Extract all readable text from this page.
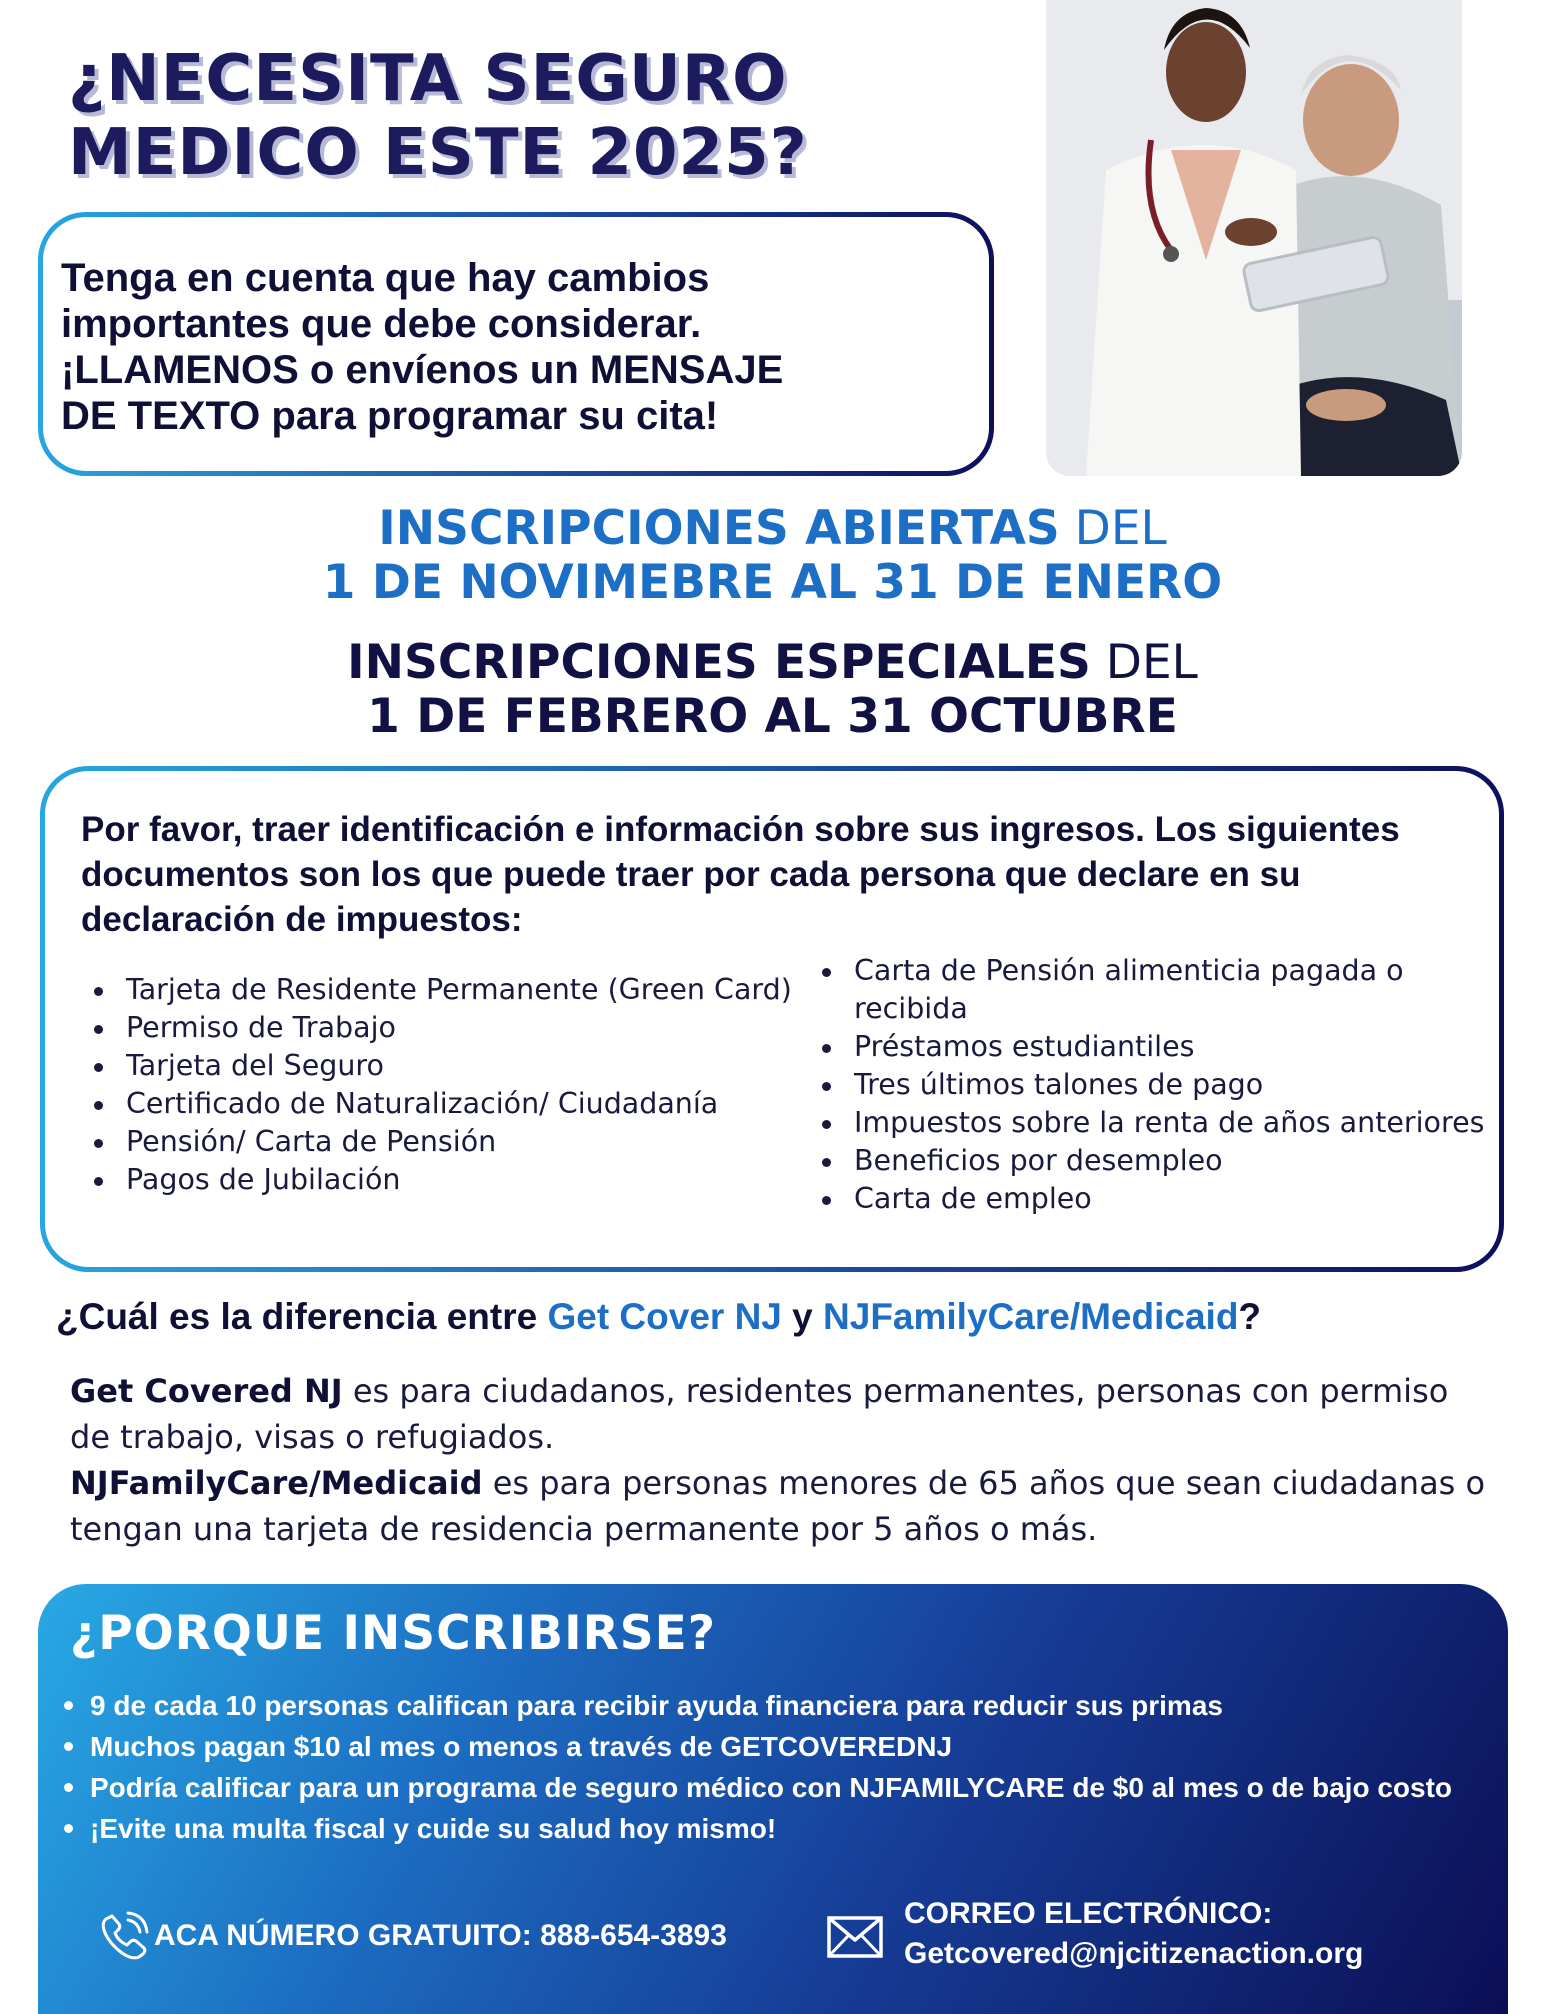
¿NECESITA SEGURO
MEDICO ESTE 2025?

Tenga en cuenta que hay cambios

importantes que debe considerar.

¡LLAMENOS o envíenos un MENSAJE

DE TEXTO para programar su cita!

INSCRIPCIONES ABIERTAS DEL
1 DE NOVIMEBRE AL 31 DE ENERO
INSCRIPCIONES ESPECIALES DEL
1 DE FEBRERO AL 31 OCTUBRE

Por favor, traer identificación e información sobre sus ingresos. Los siguientes documentos son los que puede traer por cada persona que declare en su declaración de impuestos:

Tarjeta de Residente Permanente (Green Card)
Permiso de Trabajo
Tarjeta del Seguro
Certificado de Naturalización/ Ciudadanía
Pensión/ Carta de Pensión
Pagos de Jubilación
Carta de Pensión alimenticia pagada o recibida
Préstamos estudiantiles
Tres últimos talones de pago
Impuestos sobre la renta de años anteriores
Beneficios por desempleo
Carta de empleo
¿Cuál es la diferencia entre Get Cover NJ y NJFamilyCare/Medicaid?

Get Covered NJ es para ciudadanos, residentes permanentes, personas con permiso de trabajo, visas o refugiados.

NJFamilyCare/Medicaid es para personas menores de 65 años que sean ciudadanas o tengan una tarjeta de residencia permanente por 5 años o más.

¿PORQUE INSCRIBIRSE?
9 de cada 10 personas califican para recibir ayuda financiera para reducir sus primas
Muchos pagan $10 al mes o menos a través de GETCOVEREDNJ
Podría calificar para un programa de seguro médico con NJFAMILYCARE de $0 al mes o de bajo costo
¡Evite una multa fiscal y cuide su salud hoy mismo!
ACA NÚMERO GRATUITO: 888-654-3893
CORREO ELECTRÓNICO:
Getcovered@njcitizenaction.org
